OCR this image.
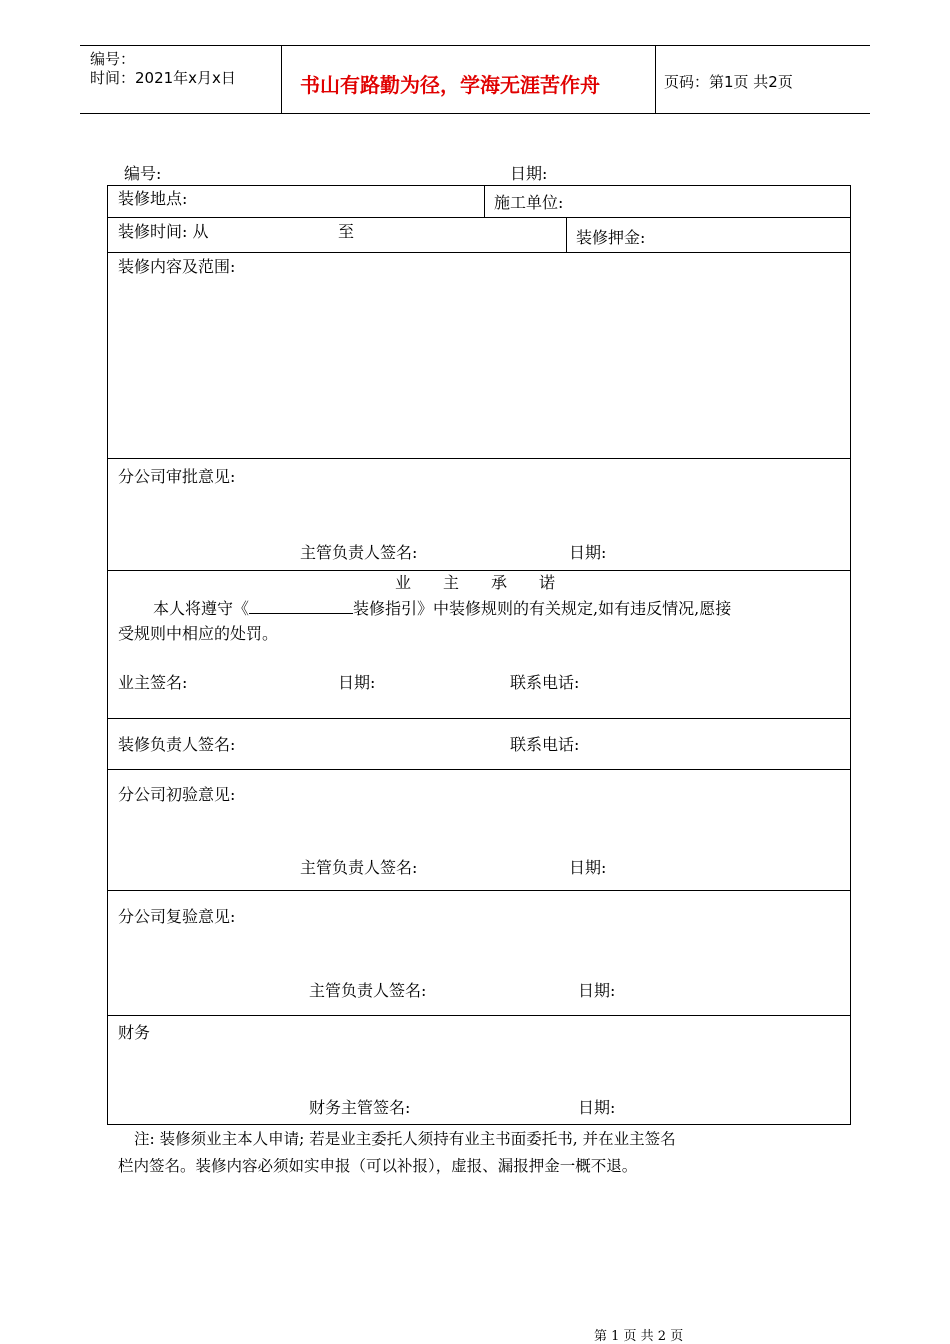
编号：
时间：2021年x月x日	书山有路勤为径，学海无涯苦作舟	页码：第1页 共2页
编号:	日期:
装修地点:	施工单位:
装修时间: 从	至	装修押金:
装修内容及范围:
分公司审批意见:
主管负责人签名:	日期:
业 主 承 诺
本人将遵守《	装修指引》中装修规则的有关规定,如有违反情况,愿接
受规则中相应的处罚。
业主签名:	日期:	联系电话:
装修负责人签名:	联系电话:
分公司初验意见:
主管负责人签名:	日期:
分公司复验意见:
主管负责人签名:	日期:
财务
财务主管签名:	日期:
注: 装修须业主本人申请; 若是业主委托人须持有业主书面委托书, 并在业主签名
栏内签名。装修内容必须如实申报（可以补报），虚报、漏报押金一概不退。
第 1 页 共 2 页
